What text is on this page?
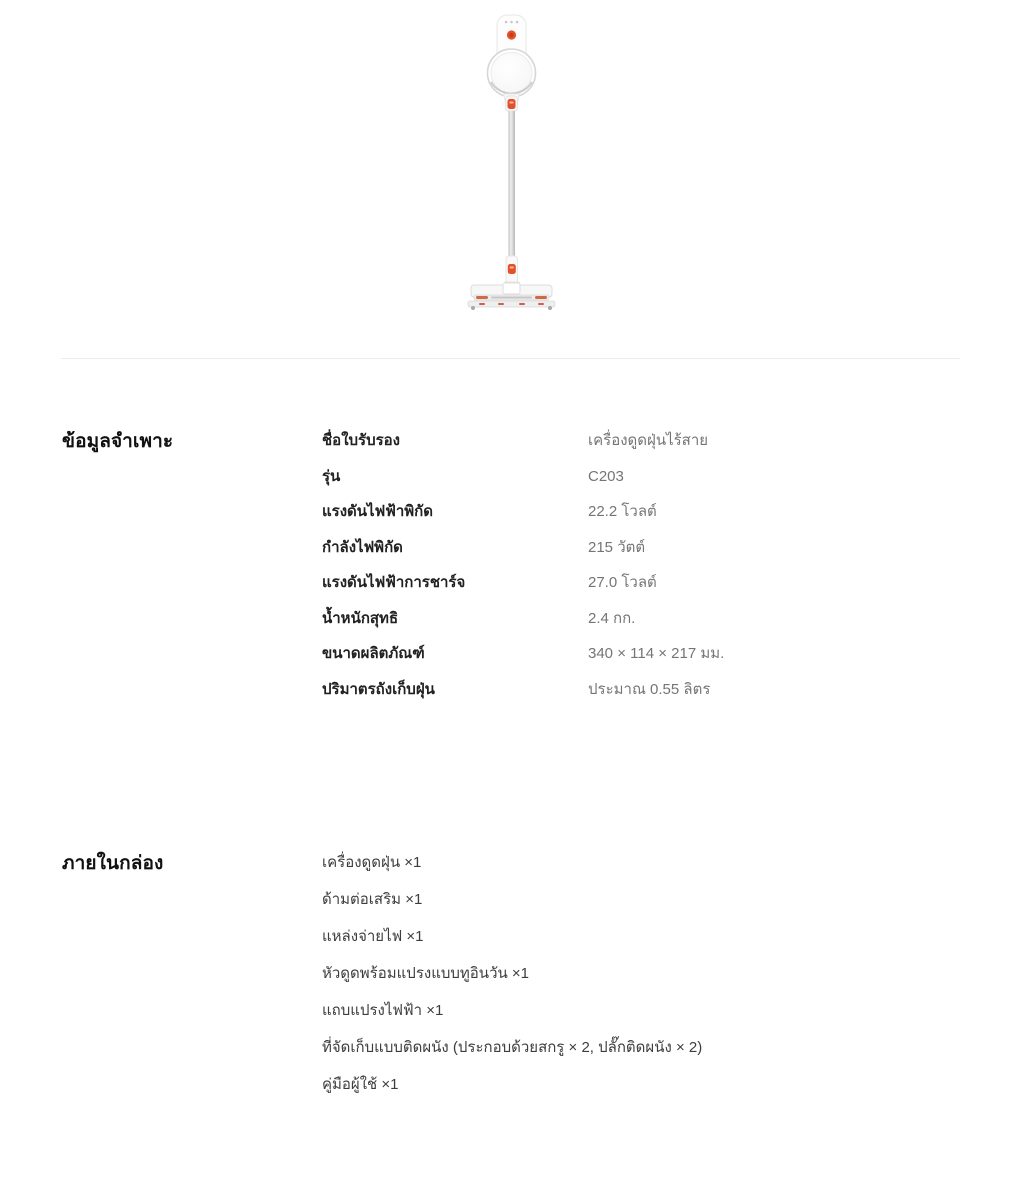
ข้อมูลจำเพาะ	ชื่อใบรับรอง	เครื่องดูดฝุ่นไร้สาย
รุ่น	C203
แรงดันไฟฟ้าพิกัด	22.2 โวลต์
กำลังไฟพิกัด	215 วัตต์
แรงดันไฟฟ้าการชาร์จ	27.0 โวลต์
น้ำหนักสุทธิ	2.4 กก.
ขนาดผลิตภัณฑ์	340 × 114 × 217 มม.
ปริมาตรถังเก็บฝุ่น	ประมาณ 0.55 ลิตร
ภายในกล่อง	เครื่องดูดฝุ่น ×1
ด้ามต่อเสริม ×1
แหล่งจ่ายไฟ ×1
หัวดูดพร้อมแปรงแบบทูอินวัน ×1
แถบแปรงไฟฟ้า ×1
ที่จัดเก็บแบบติดผนัง (ประกอบด้วยสกรู × 2, ปลั๊กติดผนัง × 2)
คู่มือผู้ใช้ ×1
